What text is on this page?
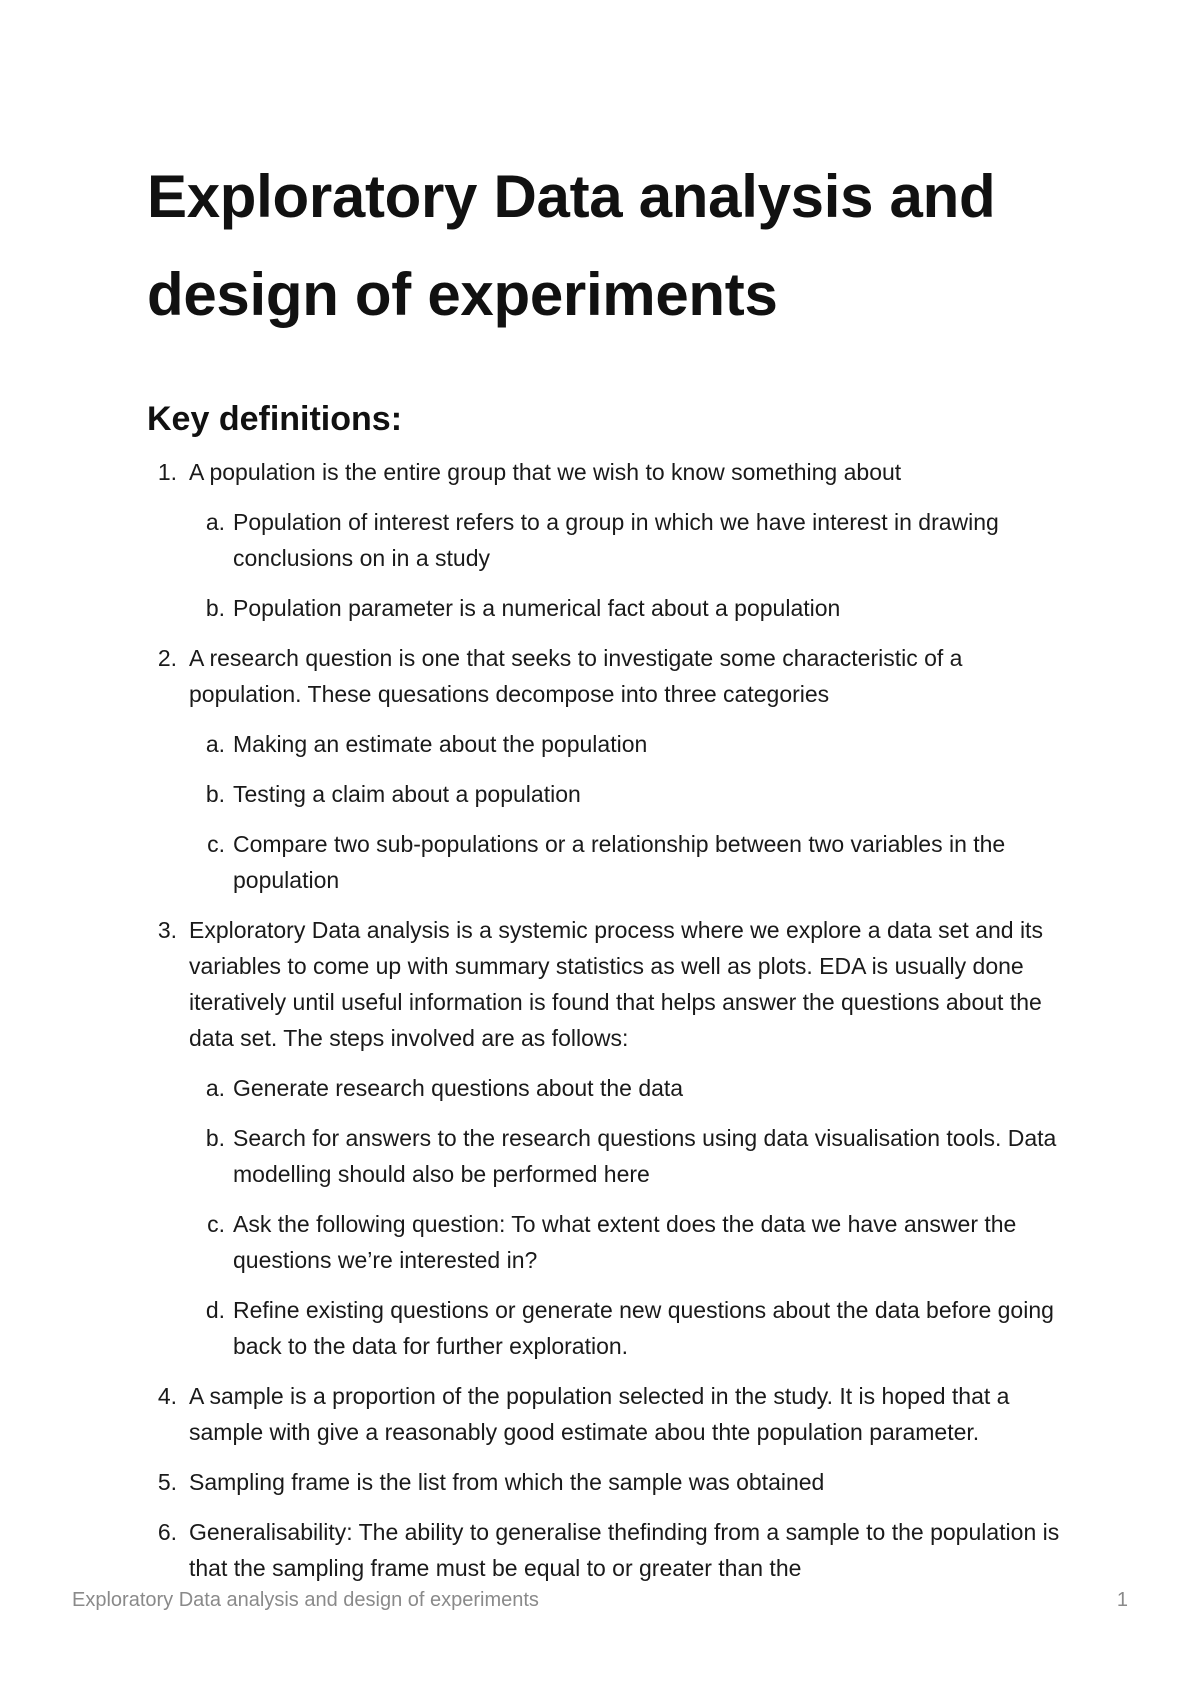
Exploratory Data analysis and design of experiments
Key definitions:
1. A population is the entire group that we wish to know something about

a. Population of interest refers to a group in which we have interest in drawing conclusions on in a study

b. Population parameter is a numerical fact about a population

2. A research question is one that seeks to investigate some characteristic of a population. These quesations decompose into three categories

a. Making an estimate about the population

b. Testing a claim about a population

c. Compare two sub-populations or a relationship between two variables in the population

3. Exploratory Data analysis is a systemic process where we explore a data set and its variables to come up with summary statistics as well as plots. EDA is usually done iteratively until useful information is found that helps answer the questions about the data set. The steps involved are as follows:

a. Generate research questions about the data

b. Search for answers to the research questions using data visualisation tools. Data modelling should also be performed here

c. Ask the following question: To what extent does the data we have answer the questions we’re interested in?

d. Refine existing questions or generate new questions about the data before going back to the data for further exploration.

4. A sample is a proportion of the population selected in the study. It is hoped that a sample with give a reasonably good estimate abou thte population parameter.

5. Sampling frame is the list from which the sample was obtained

6. Generalisability: The ability to generalise thefinding from a sample to the population is that the sampling frame must be equal to or greater than the

Exploratory Data analysis and design of experiments	1
